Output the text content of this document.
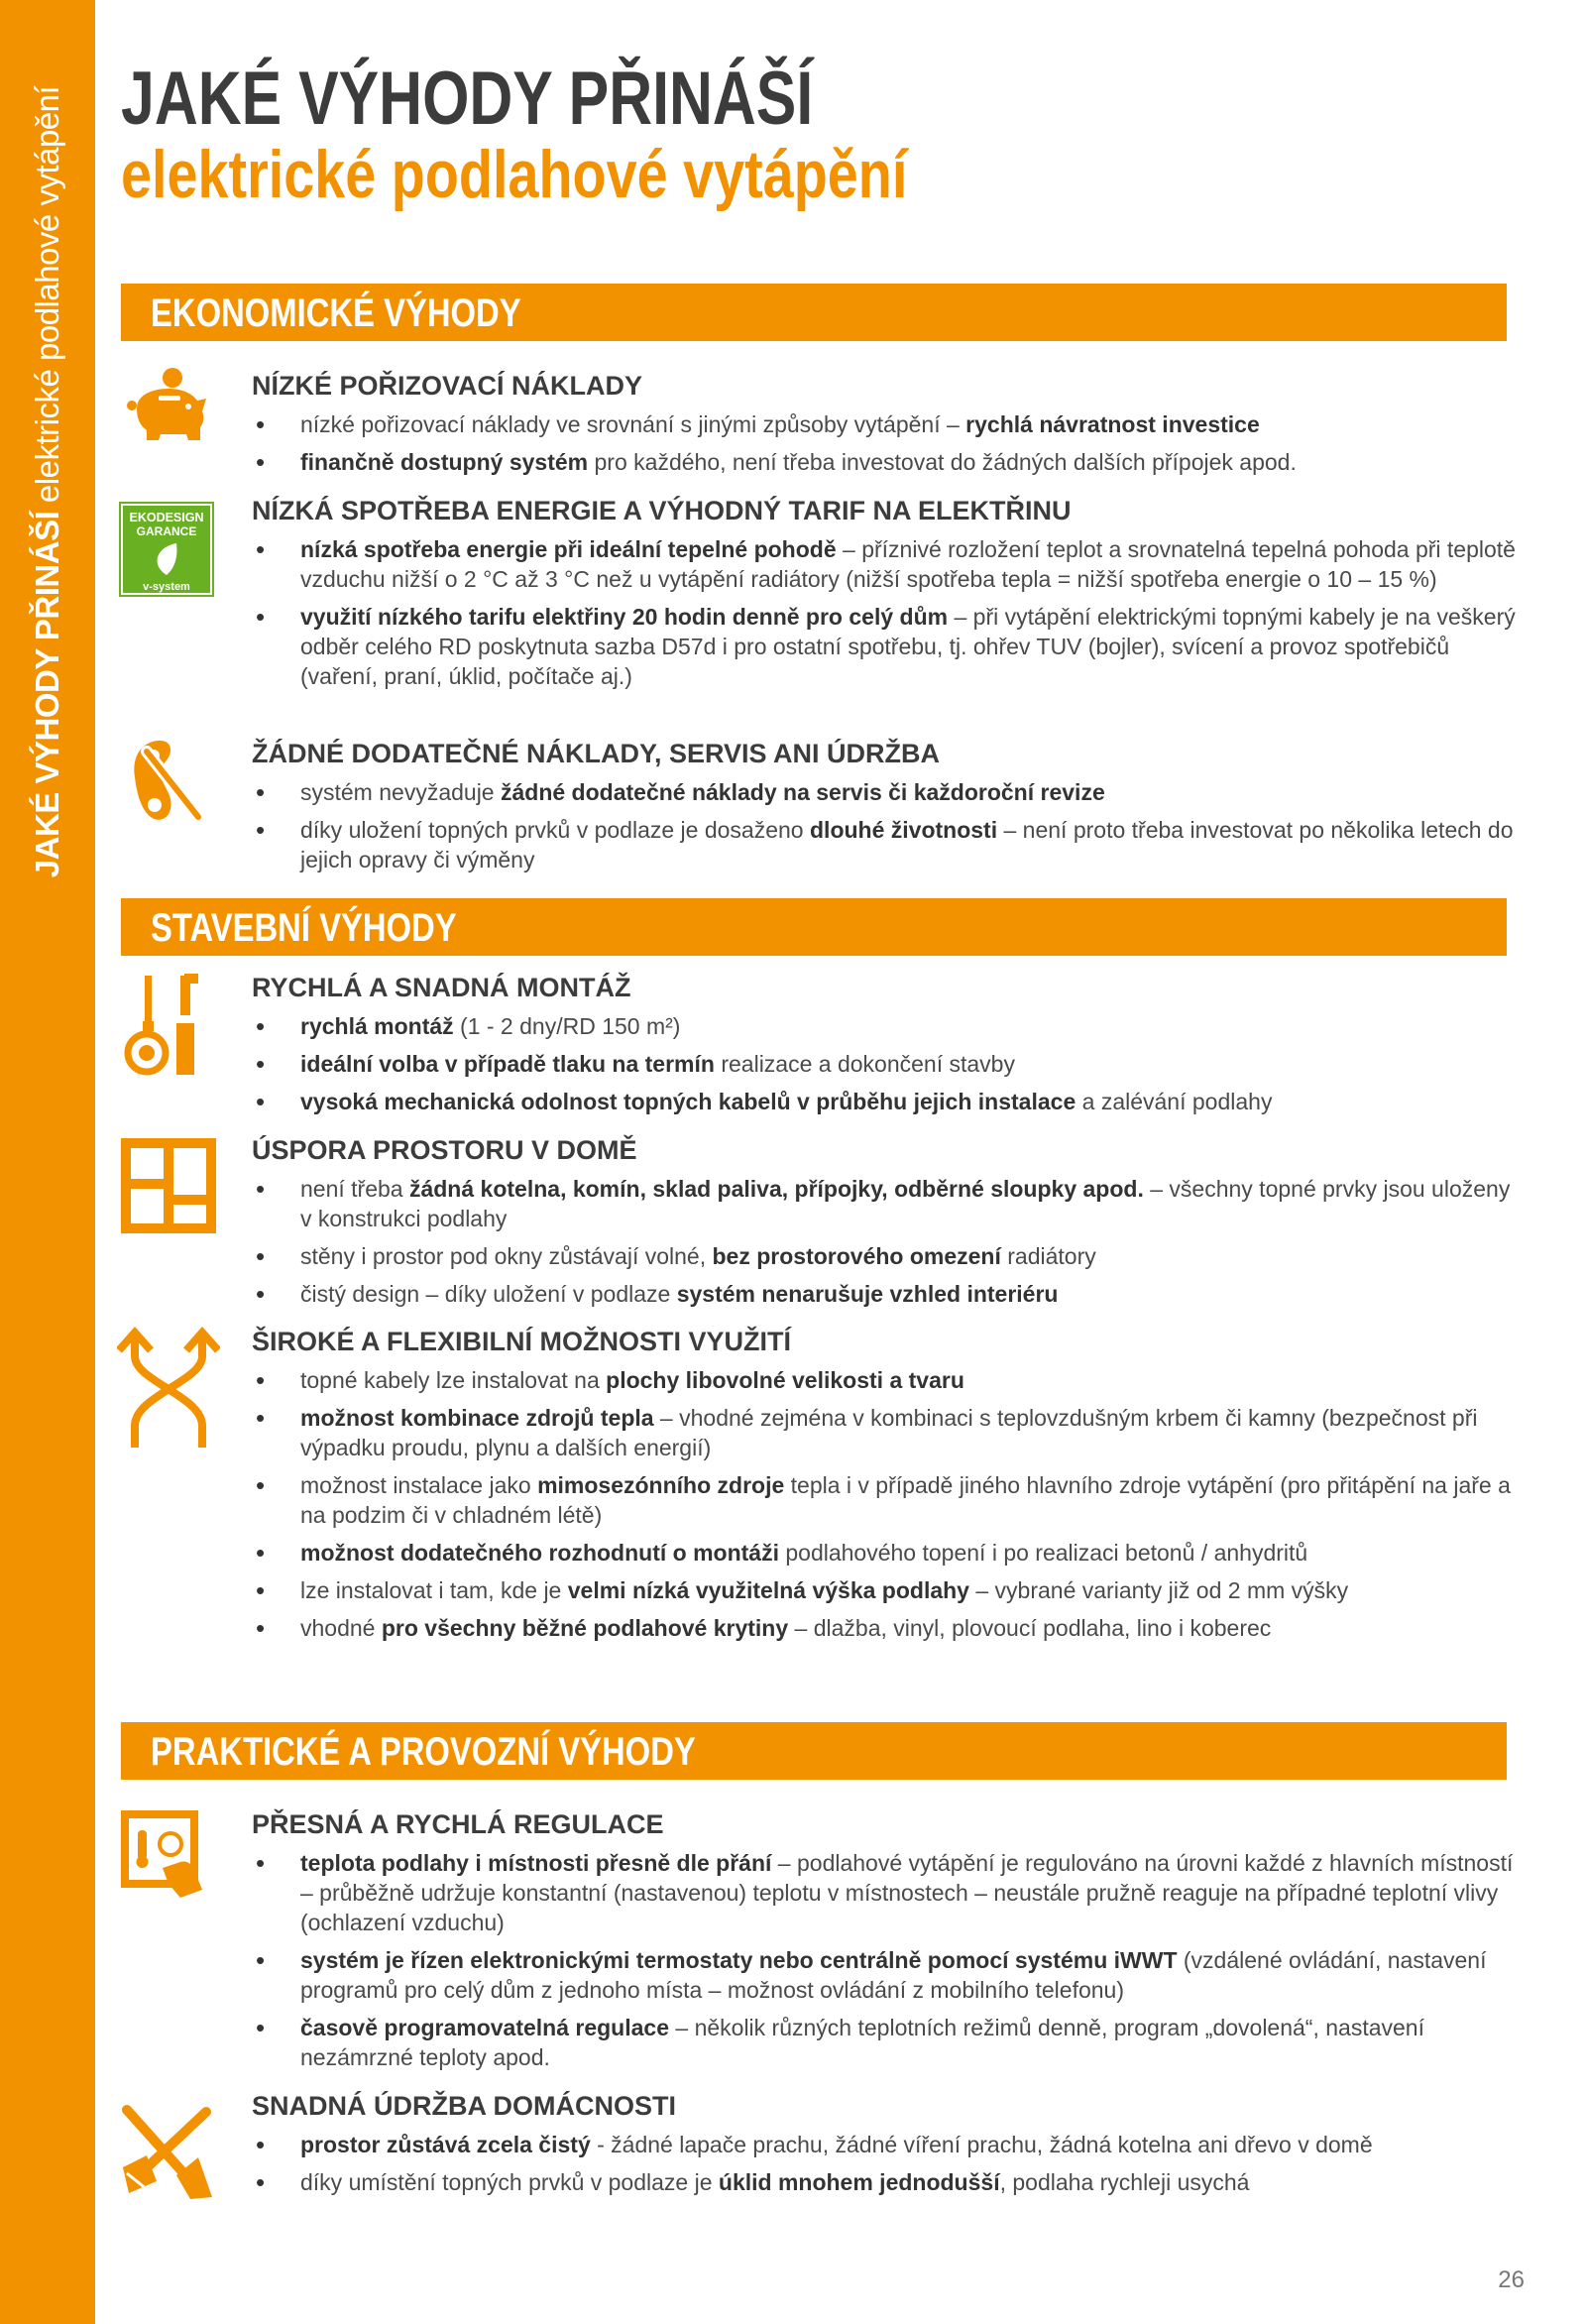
JAKÉ VÝHODY PŘINÁŠÍ elektrické podlahové vytápění JAKÉ VÝHODY PŘINÁŠÍ
elektrické podlahové vytápění
EKONOMICKÉ VÝHODY
STAVEBNÍ VÝHODY
PRAKTICKÉ A PROVOZNÍ VÝHODY
EKODESIGN
GARANCE
v-system
NÍZKÉ POŘIZOVACÍ NÁKLADY
• nízké pořizovací náklady ve srovnání s jinými způsoby vytápění – rychlá návratnost investice
• finančně dostupný systém pro každého, není třeba investovat do žádných dalších přípojek apod.
NÍZKÁ SPOTŘEBA ENERGIE A VÝHODNÝ TARIF NA ELEKTŘINU
• nízká spotřeba energie při ideální tepelné pohodě – příznivé rozložení teplot a srovnatelná tepelná pohoda při teplotě vzduchu nižší o 2 °C až 3 °C než u vytápění radiátory (nižší spotřeba tepla = nižší spotřeba energie o 10 – 15 %)
• využití nízkého tarifu elektřiny 20 hodin denně pro celý dům – při vytápění elektrickými topnými kabely je na veškerý odběr celého RD poskytnuta sazba D57d i pro ostatní spotřebu, tj. ohřev TUV (bojler), svícení a provoz spotřebičů (vaření, praní, úklid, počítače aj.)
ŽÁDNÉ DODATEČNÉ NÁKLADY, SERVIS ANI ÚDRŽBA
• systém nevyžaduje žádné dodatečné náklady na servis či každoroční revize
• díky uložení topných prvků v podlaze je dosaženo dlouhé životnosti – není proto třeba investovat po několika letech do jejich opravy či výměny
RYCHLÁ A SNADNÁ MONTÁŽ
• rychlá montáž (1 - 2 dny/RD 150 m²)
• ideální volba v případě tlaku na termín realizace a dokončení stavby
• vysoká mechanická odolnost topných kabelů v průběhu jejich instalace a zalévání podlahy
ÚSPORA PROSTORU V DOMĚ
• není třeba žádná kotelna, komín, sklad paliva, přípojky, odběrné sloupky apod. – všechny topné prvky jsou uloženy v konstrukci podlahy
• stěny i prostor pod okny zůstávají volné, bez prostorového omezení radiátory
• čistý design – díky uložení v podlaze systém nenarušuje vzhled interiéru
ŠIROKÉ A FLEXIBILNÍ MOŽNOSTI VYUŽITÍ
• topné kabely lze instalovat na plochy libovolné velikosti a tvaru
• možnost kombinace zdrojů tepla – vhodné zejména v kombinaci s teplovzdušným krbem či kamny (bezpečnost při výpadku proudu, plynu a dalších energií)
• možnost instalace jako mimosezónního zdroje tepla i v případě jiného hlavního zdroje vytápění (pro přitápění na jaře a na podzim či v chladném létě)
• možnost dodatečného rozhodnutí o montáži podlahového topení i po realizaci betonů / anhydritů
• lze instalovat i tam, kde je velmi nízká využitelná výška podlahy – vybrané varianty již od 2 mm výšky
• vhodné pro všechny běžné podlahové krytiny – dlažba, vinyl, plovoucí podlaha, lino i koberec
PŘESNÁ A RYCHLÁ REGULACE
• teplota podlahy i místnosti přesně dle přání – podlahové vytápění je regulováno na úrovni každé z hlavních místností – průběžně udržuje konstantní (nastavenou) teplotu v místnostech – neustále pružně reaguje na případné teplotní vlivy (ochlazení vzduchu)
• systém je řízen elektronickými termostaty nebo centrálně pomocí systému iWWT (vzdálené ovládání, nastavení programů pro celý dům z jednoho místa – možnost ovládání z mobilního telefonu)
• časově programovatelná regulace – několik různých teplotních režimů denně, program „dovolená“, nastavení nezámrzné teploty apod.
SNADNÁ ÚDRŽBA DOMÁCNOSTI
• prostor zůstává zcela čistý - žádné lapače prachu, žádné víření prachu, žádná kotelna ani dřevo v domě
• díky umístění topných prvků v podlaze je úklid mnohem jednodušší, podlaha rychleji usychá
26
